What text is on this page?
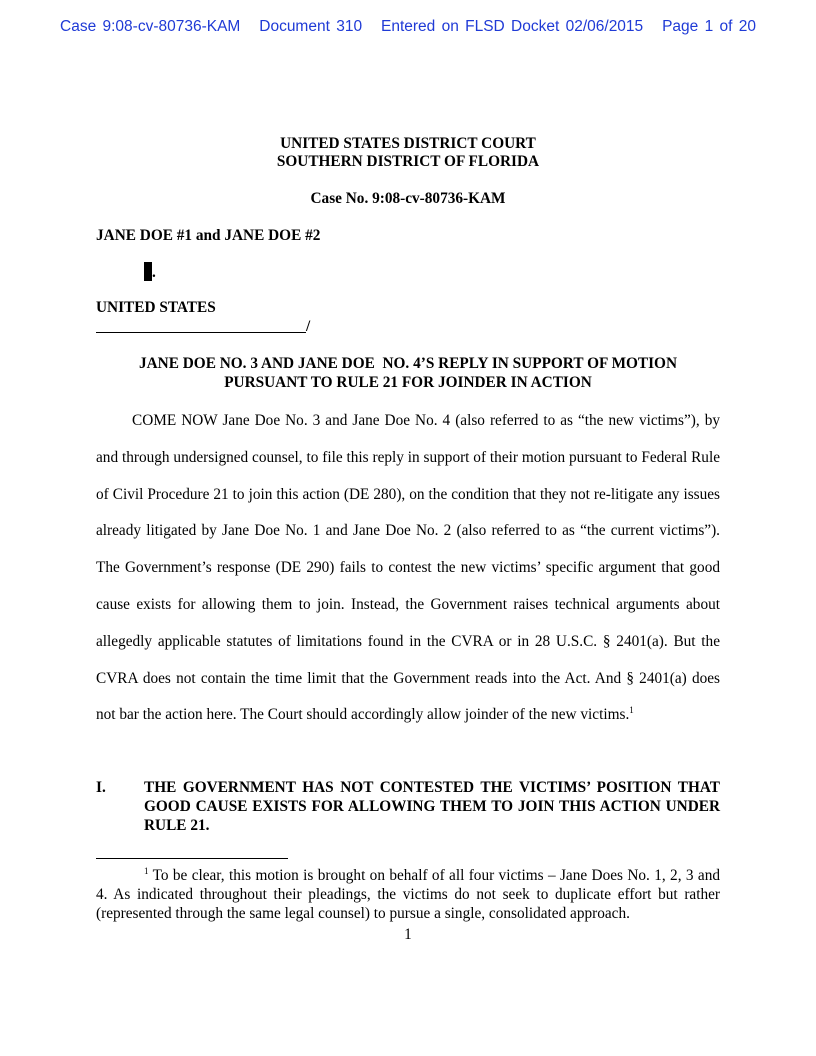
Case 9:08-cv-80736-KAM   Document 310   Entered on FLSD Docket 02/06/2015   Page 1 of 20
UNITED STATES DISTRICT COURT
SOUTHERN DISTRICT OF FLORIDA
Case No. 9:08-cv-80736-KAM
JANE DOE #1 and JANE DOE #2
.
UNITED STATES
/
JANE DOE NO. 3 AND JANE DOE  NO. 4’S REPLY IN SUPPORT OF MOTION
PURSUANT TO RULE 21 FOR JOINDER IN ACTION

COME NOW Jane Doe No. 3 and Jane Doe No. 4 (also referred to as “the new victims”), by and through undersigned counsel, to file this reply in support of their motion pursuant to Federal Rule of Civil Procedure 21 to join this action (DE 280), on the condition that they not re-litigate any issues already litigated by Jane Doe No. 1 and Jane Doe No. 2 (also referred to as “the current victims”). The Government’s response (DE 290) fails to contest the new victims’ specific argument that good cause exists for allowing them to join. Instead, the Government raises technical arguments about allegedly applicable statutes of limitations found in the CVRA or in 28 U.S.C. § 2401(a). But the CVRA does not contain the time limit that the Government reads into the Act. And § 2401(a) does not bar the action here. The Court should accordingly allow joinder of the new victims.$^1$

I. THE GOVERNMENT HAS NOT CONTESTED THE VICTIMS’ POSITION THAT GOOD CAUSE EXISTS FOR ALLOWING THEM TO JOIN THIS ACTION UNDER RULE 21.

$^1$ To be clear, this motion is brought on behalf of all four victims – Jane Does No. 1, 2, 3 and 4. As indicated throughout their pleadings, the victims do not seek to duplicate effort but rather (represented through the same legal counsel) to pursue a single, consolidated approach.

1
